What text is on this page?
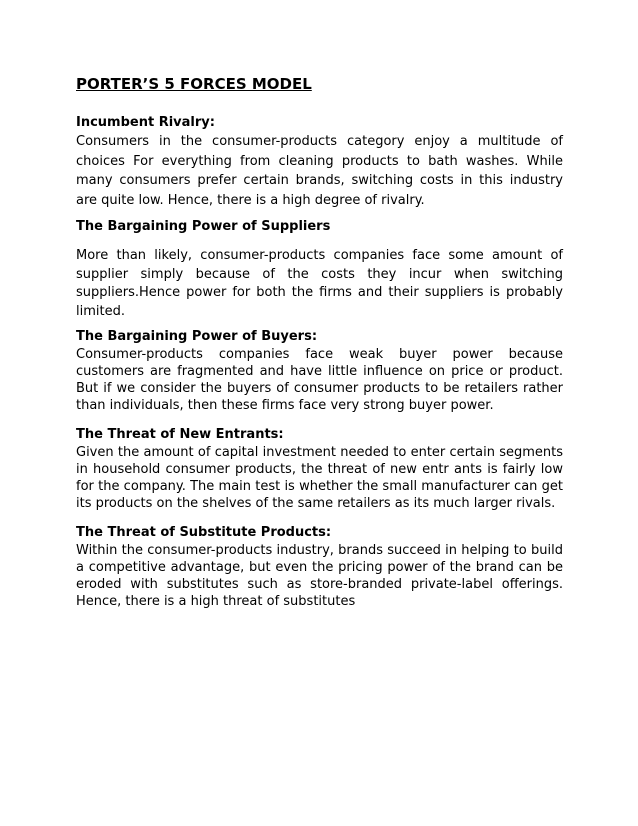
PORTER’S 5 FORCES MODEL
Incumbent Rivalry:
Consumers in the consumer-products category enjoy a multitude of choices For everything from cleaning products to bath washes. While many consumers prefer certain brands, switching costs in this industry are quite low. Hence, there is a high degree of rivalry.
The Bargaining Power of Suppliers
More than likely, consumer-products companies face some amount of supplier simply because of the costs they incur when switching suppliers.Hence power for both the firms and their suppliers is probably limited.
The Bargaining Power of Buyers:
Consumer-products companies face weak buyer power because customers are fragmented and have little influence on price or product. But if we consider the buyers of consumer products to be retailers rather than individuals, then these firms face very strong buyer power.
The Threat of New Entrants:
Given the amount of capital investment needed to enter certain segments in household consumer products, the threat of new entr ants is fairly low for the company. The main test is whether the small manufacturer can get its products on the shelves of the same retailers as its much larger rivals.
The Threat of Substitute Products:
Within the consumer-products industry, brands succeed in helping to build a competitive advantage, but even the pricing power of the brand can be eroded with substitutes such as store-branded private-label offerings. Hence, there is a high threat of substitutes
